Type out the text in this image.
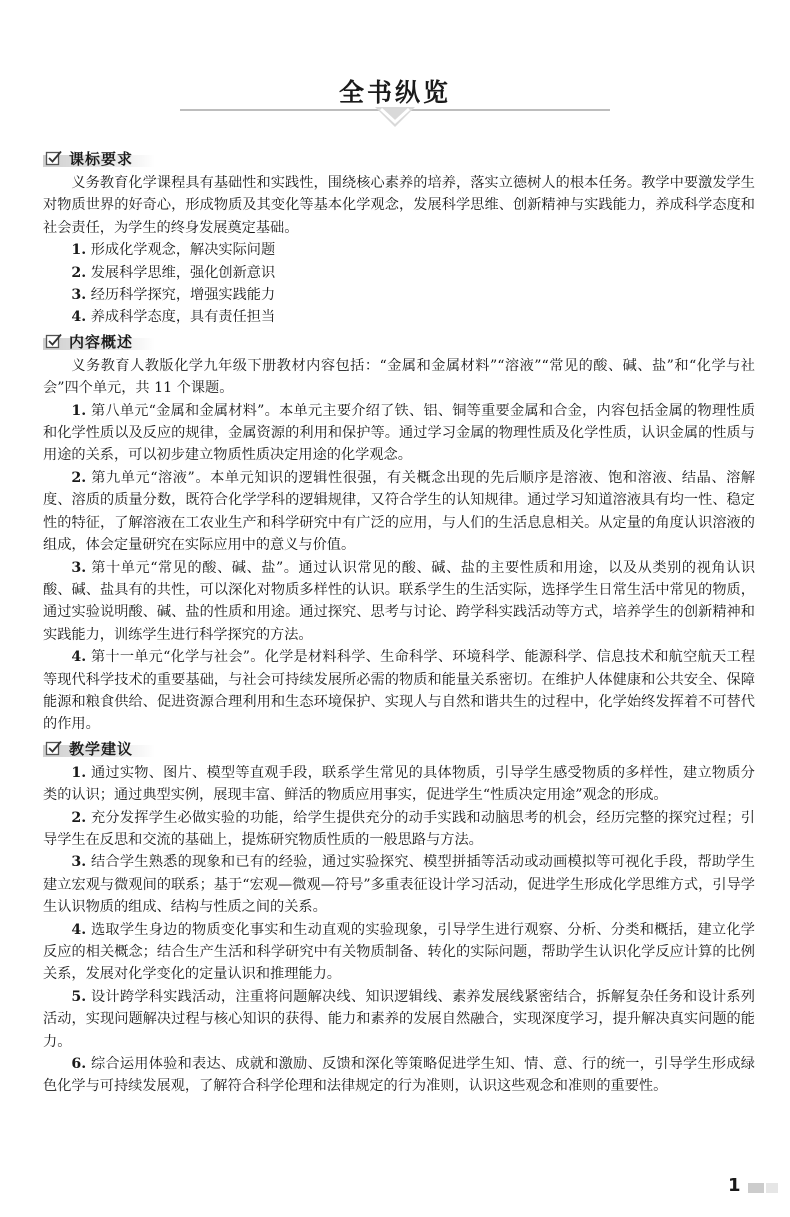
全书纵览
课标要求

义务教育化学课程具有基础性和实践性，围绕核心素养的培养，落实立德树人的根本任务。教学中要激发学生对物质世界的好奇心，形成物质及其变化等基本化学观念，发展科学思维、创新精神与实践能力，养成科学态度和社会责任，为学生的终身发展奠定基础。

1. 形成化学观念，解决实际问题

2. 发展科学思维，强化创新意识

3. 经历科学探究，增强实践能力

4. 养成科学态度，具有责任担当

内容概述

义务教育人教版化学九年级下册教材内容包括：“金属和金属材料”“溶液”“常见的酸、碱、盐”和“化学与社会”四个单元，共 11 个课题。

1. 第八单元“金属和金属材料”。本单元主要介绍了铁、铝、铜等重要金属和合金，内容包括金属的物理性质和化学性质以及反应的规律，金属资源的利用和保护等。通过学习金属的物理性质及化学性质，认识金属的性质与用途的关系，可以初步建立物质性质决定用途的化学观念。

2. 第九单元“溶液”。本单元知识的逻辑性很强，有关概念出现的先后顺序是溶液、饱和溶液、结晶、溶解度、溶质的质量分数，既符合化学学科的逻辑规律，又符合学生的认知规律。通过学习知道溶液具有均一性、稳定性的特征，了解溶液在工农业生产和科学研究中有广泛的应用，与人们的生活息息相关。从定量的角度认识溶液的组成，体会定量研究在实际应用中的意义与价值。

3. 第十单元“常见的酸、碱、盐”。通过认识常见的酸、碱、盐的主要性质和用途，以及从类别的视角认识酸、碱、盐具有的共性，可以深化对物质多样性的认识。联系学生的生活实际，选择学生日常生活中常见的物质，通过实验说明酸、碱、盐的性质和用途。通过探究、思考与讨论、跨学科实践活动等方式，培养学生的创新精神和实践能力，训练学生进行科学探究的方法。

4. 第十一单元“化学与社会”。化学是材料科学、生命科学、环境科学、能源科学、信息技术和航空航天工程等现代科学技术的重要基础，与社会可持续发展所必需的物质和能量关系密切。在维护人体健康和公共安全、保障能源和粮食供给、促进资源合理利用和生态环境保护、实现人与自然和谐共生的过程中，化学始终发挥着不可替代的作用。

教学建议

1. 通过实物、图片、模型等直观手段，联系学生常见的具体物质，引导学生感受物质的多样性，建立物质分类的认识；通过典型实例，展现丰富、鲜活的物质应用事实，促进学生“性质决定用途”观念的形成。

2. 充分发挥学生必做实验的功能，给学生提供充分的动手实践和动脑思考的机会，经历完整的探究过程；引导学生在反思和交流的基础上，提炼研究物质性质的一般思路与方法。

3. 结合学生熟悉的现象和已有的经验，通过实验探究、模型拼插等活动或动画模拟等可视化手段，帮助学生建立宏观与微观间的联系；基于“宏观—微观—符号”多重表征设计学习活动，促进学生形成化学思维方式，引导学生认识物质的组成、结构与性质之间的关系。

4. 选取学生身边的物质变化事实和生动直观的实验现象，引导学生进行观察、分析、分类和概括，建立化学反应的相关概念；结合生产生活和科学研究中有关物质制备、转化的实际问题，帮助学生认识化学反应计算的比例关系，发展对化学变化的定量认识和推理能力。

5. 设计跨学科实践活动，注重将问题解决线、知识逻辑线、素养发展线紧密结合，拆解复杂任务和设计系列活动，实现问题解决过程与核心知识的获得、能力和素养的发展自然融合，实现深度学习，提升解决真实问题的能力。

6. 综合运用体验和表达、成就和激励、反馈和深化等策略促进学生知、情、意、行的统一，引导学生形成绿色化学与可持续发展观，了解符合科学伦理和法律规定的行为准则，认识这些观念和准则的重要性。

1
